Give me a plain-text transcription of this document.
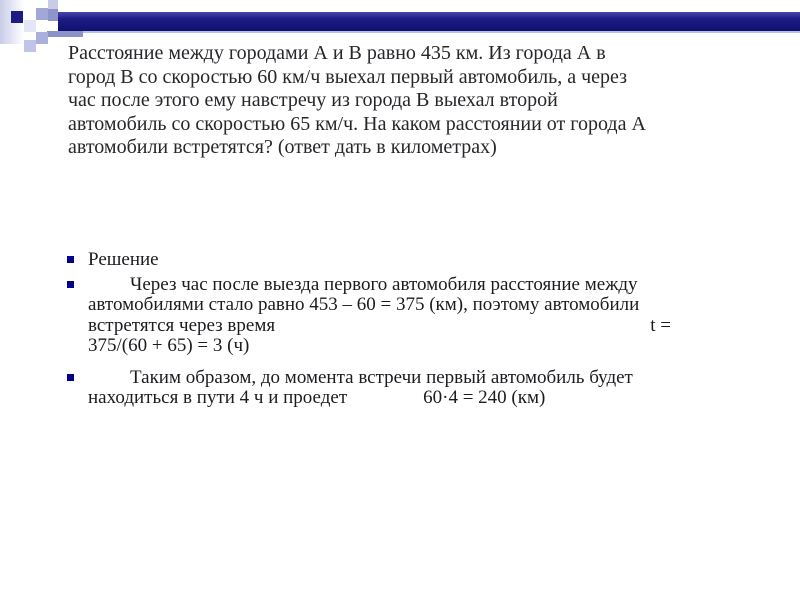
Расстояние между городами А и В равно 435 км. Из города А в
город В со скоростью 60 км/ч выехал первый автомобиль, а через
час после этого ему навстречу из города В выехал второй
автомобиль со скоростью 65 км/ч. На каком расстоянии от города А
автомобили встретятся? (ответ дать в километрах)
Решение
Через час после выезда первого автомобиля расстояние между
автомобилями стало равно 453 – 60 = 375 (км), поэтому автомобили
встретятся через время	t =
375/(60 + 65) = 3 (ч)
Таким образом, до момента встречи первый автомобиль будет
находиться в пути 4 ч и проедет	60·4 = 240 (км)
